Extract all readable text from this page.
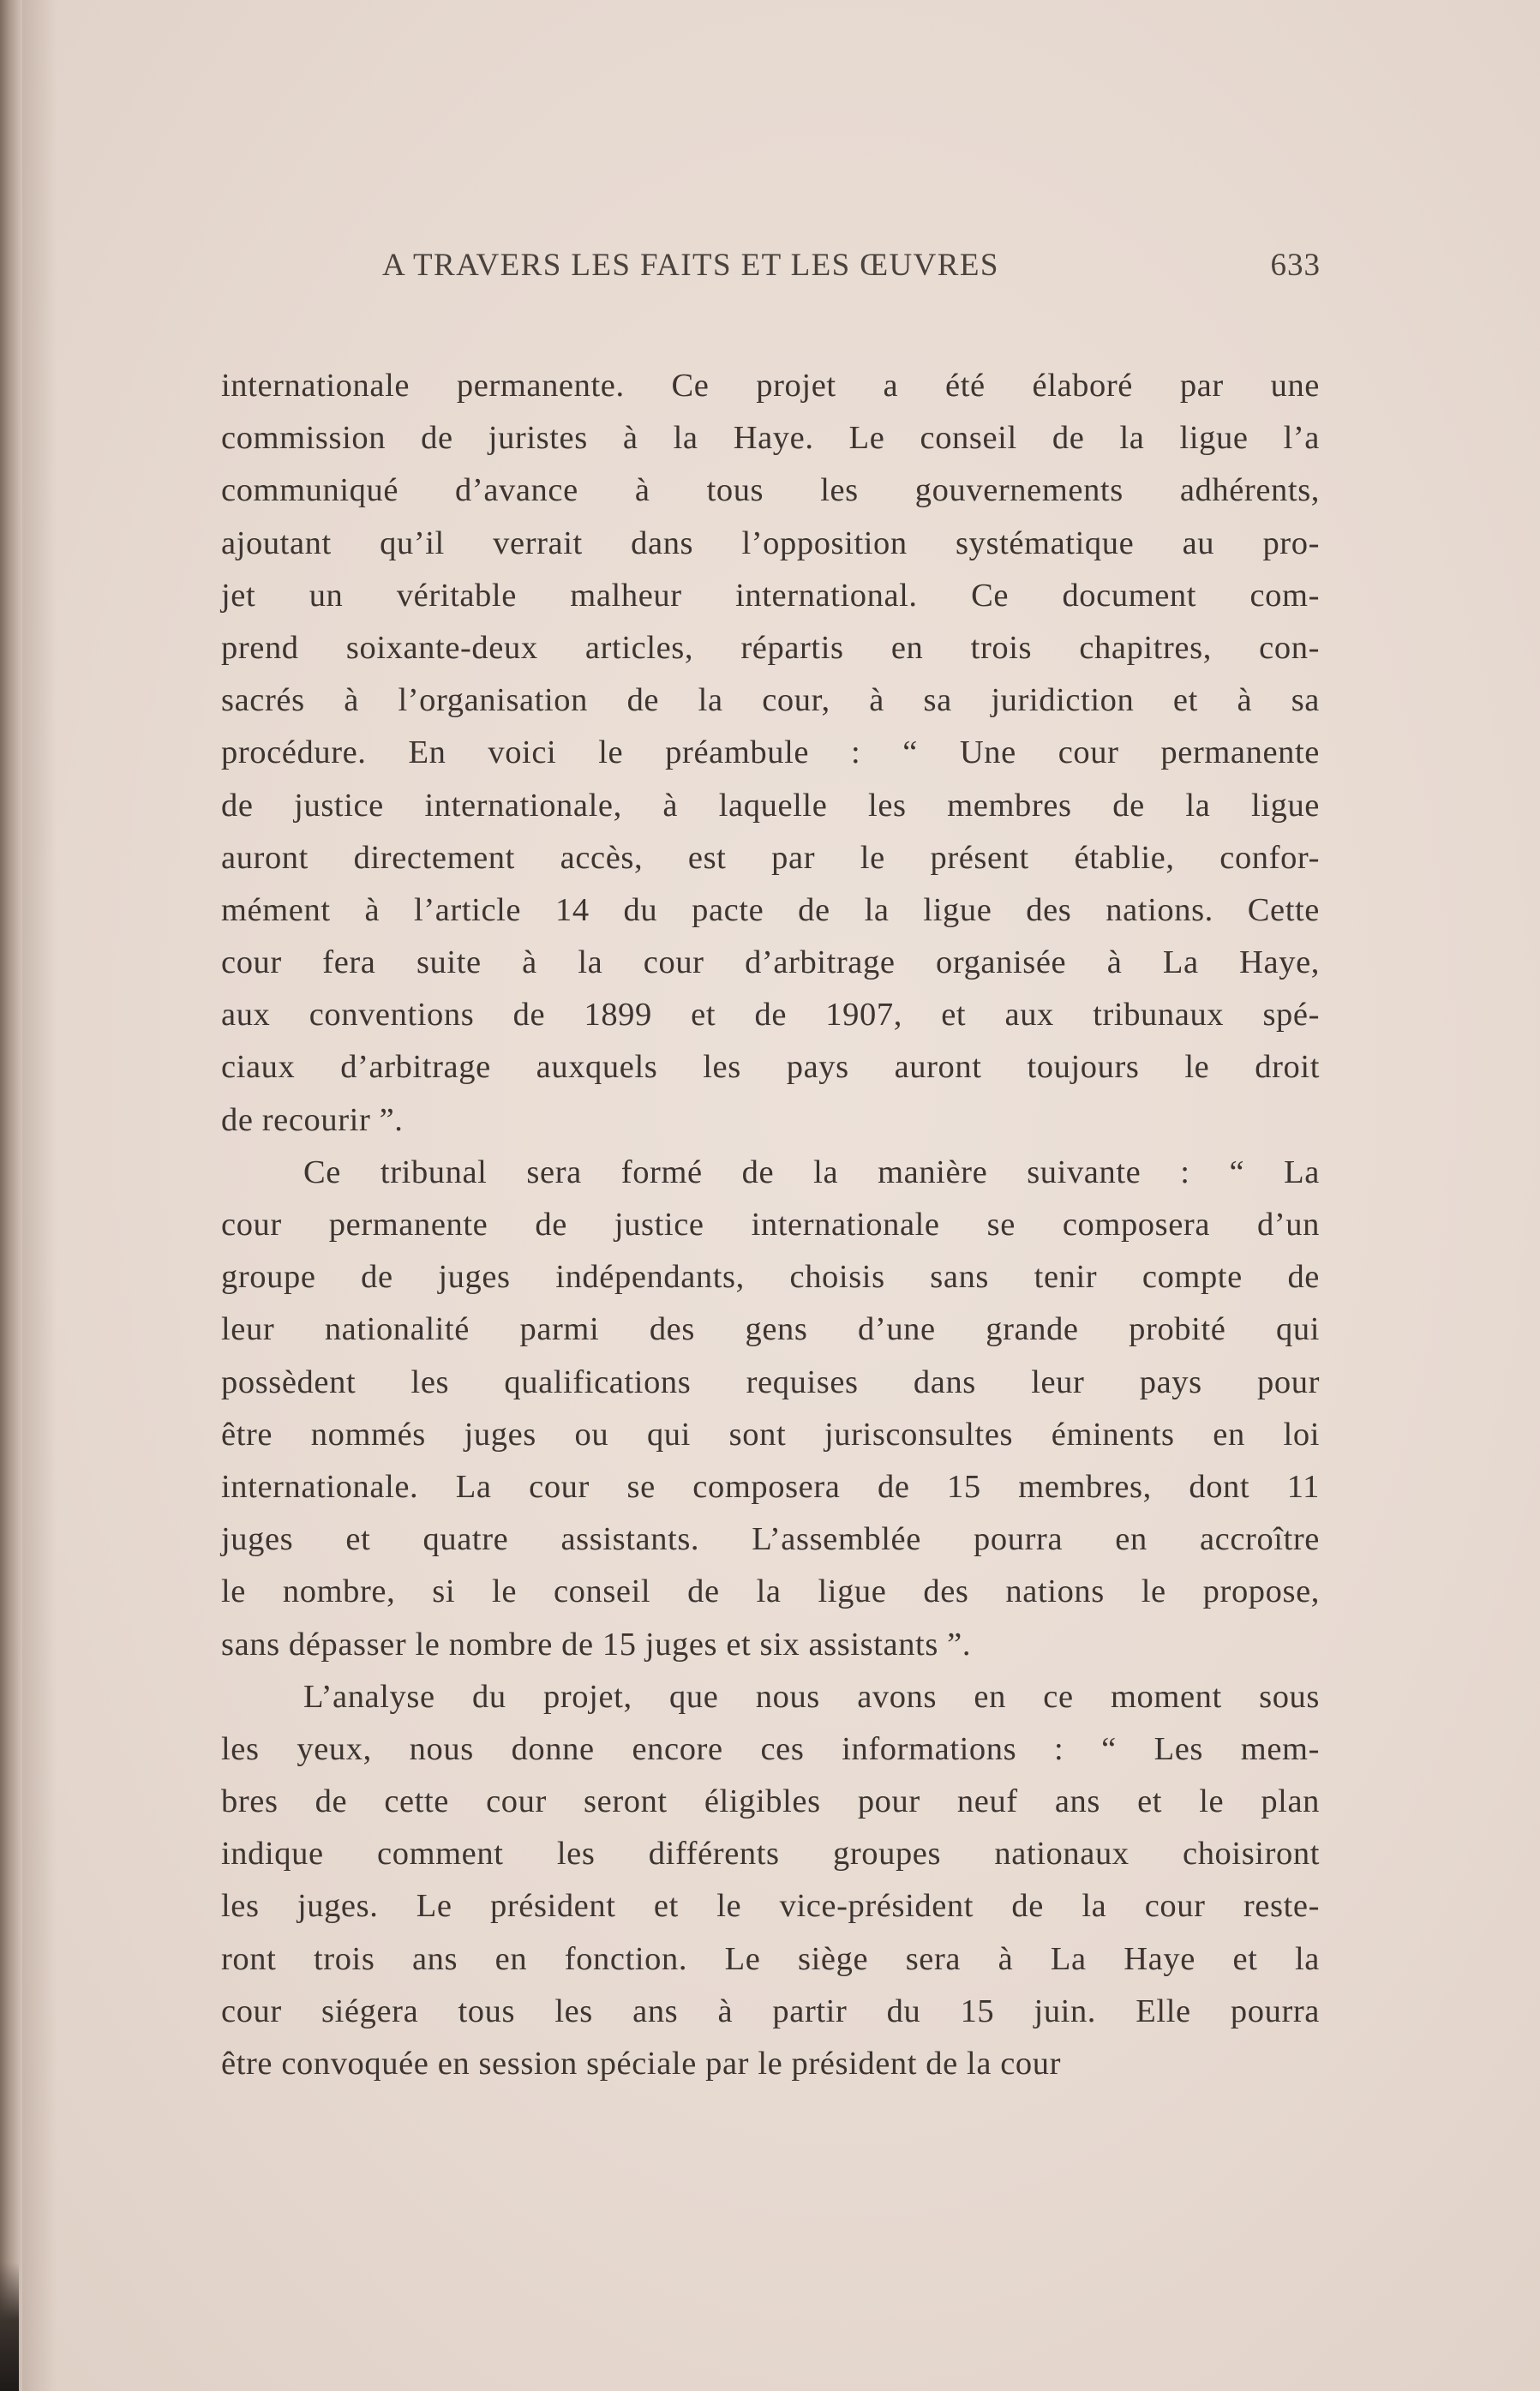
A TRAVERS LES FAITS ET LES ŒUVRES	633
internationale permanente. Ce projet a été élaboré par une
commission de juristes à la Haye. Le conseil de la ligue l’a
communiqué d’avance à tous les gouvernements adhérents,
ajoutant qu’il verrait dans l’opposition systématique au pro-
jet un véritable malheur international. Ce document com-
prend soixante-deux articles, répartis en trois chapitres, con-
sacrés à l’organisation de la cour, à sa juridiction et à sa
procédure. En voici le préambule : “ Une cour permanente
de justice internationale, à laquelle les membres de la ligue
auront directement accès, est par le présent établie, confor-
mément à l’article 14 du pacte de la ligue des nations. Cette
cour fera suite à la cour d’arbitrage organisée à La Haye,
aux conventions de 1899 et de 1907, et aux tribunaux spé-
ciaux d’arbitrage auxquels les pays auront toujours le droit
de recourir ”.
Ce tribunal sera formé de la manière suivante : “ La
cour permanente de justice internationale se composera d’un
groupe de juges indépendants, choisis sans tenir compte de
leur nationalité parmi des gens d’une grande probité qui
possèdent les qualifications requises dans leur pays pour
être nommés juges ou qui sont jurisconsultes éminents en loi
internationale. La cour se composera de 15 membres, dont 11
juges et quatre assistants. L’assemblée pourra en accroître
le nombre, si le conseil de la ligue des nations le propose,
sans dépasser le nombre de 15 juges et six assistants ”.
L’analyse du projet, que nous avons en ce moment sous
les yeux, nous donne encore ces informations : “ Les mem-
bres de cette cour seront éligibles pour neuf ans et le plan
indique comment les différents groupes nationaux choisiront
les juges. Le président et le vice-président de la cour reste-
ront trois ans en fonction. Le siège sera à La Haye et la
cour siégera tous les ans à partir du 15 juin. Elle pourra
être convoquée en session spéciale par le président de la cour
